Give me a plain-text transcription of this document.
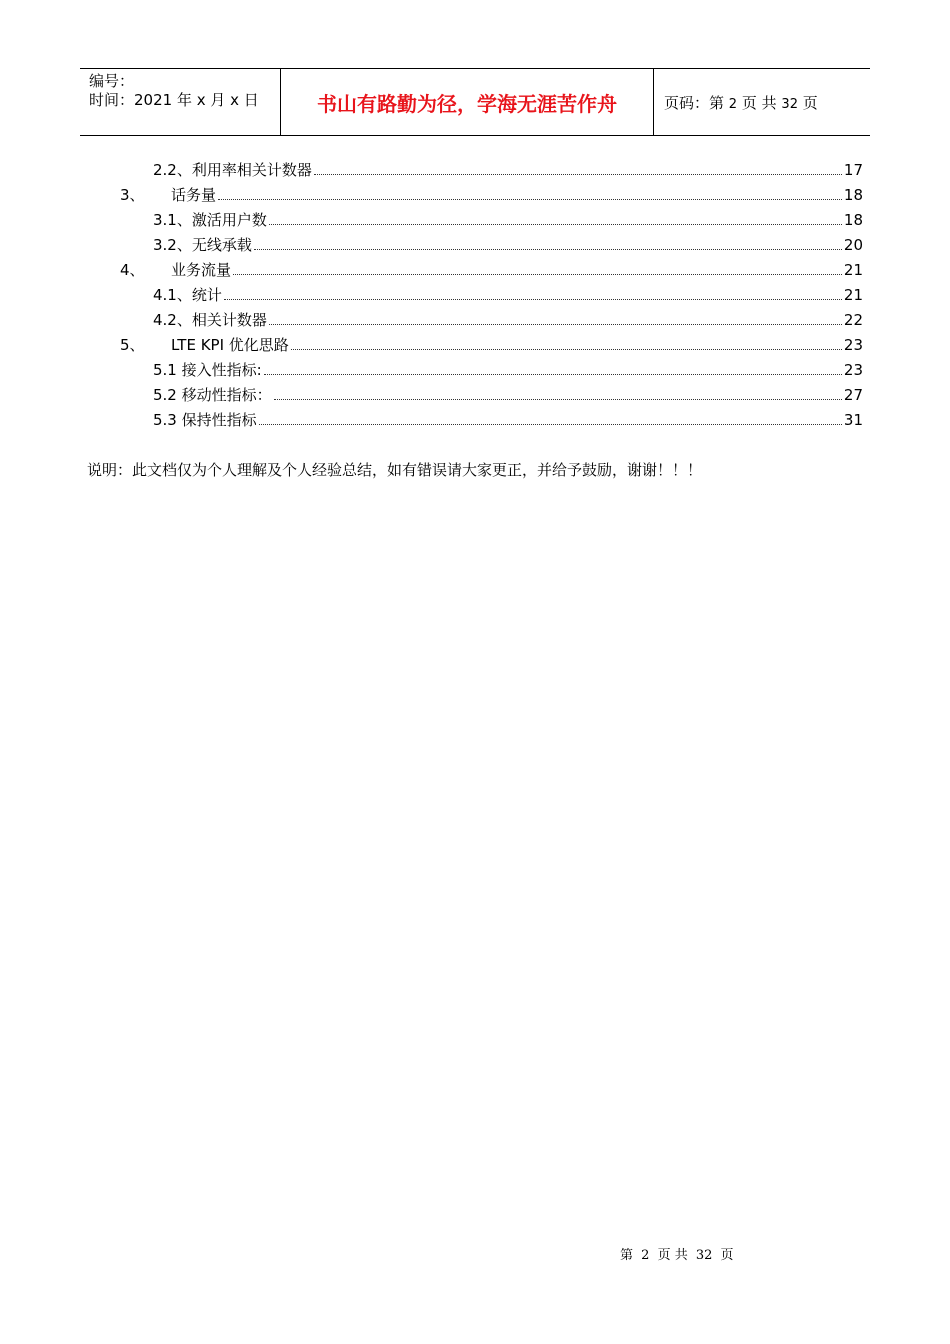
编号：
时间：2021 年 x 月 x 日	书山有路勤为径，学海无涯苦作舟	页码：第 2 页 共 32 页
2.2、利用率相关计数器	17
3、 话务量	18
3.1、激活用户数	18
3.2、无线承载	20
4、 业务流量	21
4.1、统计	21
4.2、相关计数器	22
5、 LTE KPI 优化思路	23
5.1 接入性指标:	23
5.2 移动性指标：	27
5.3 保持性指标	31
说明：此文档仅为个人理解及个人经验总结，如有错误请大家更正，并给予鼓励，谢谢！！！
第 2 页 共 32 页
